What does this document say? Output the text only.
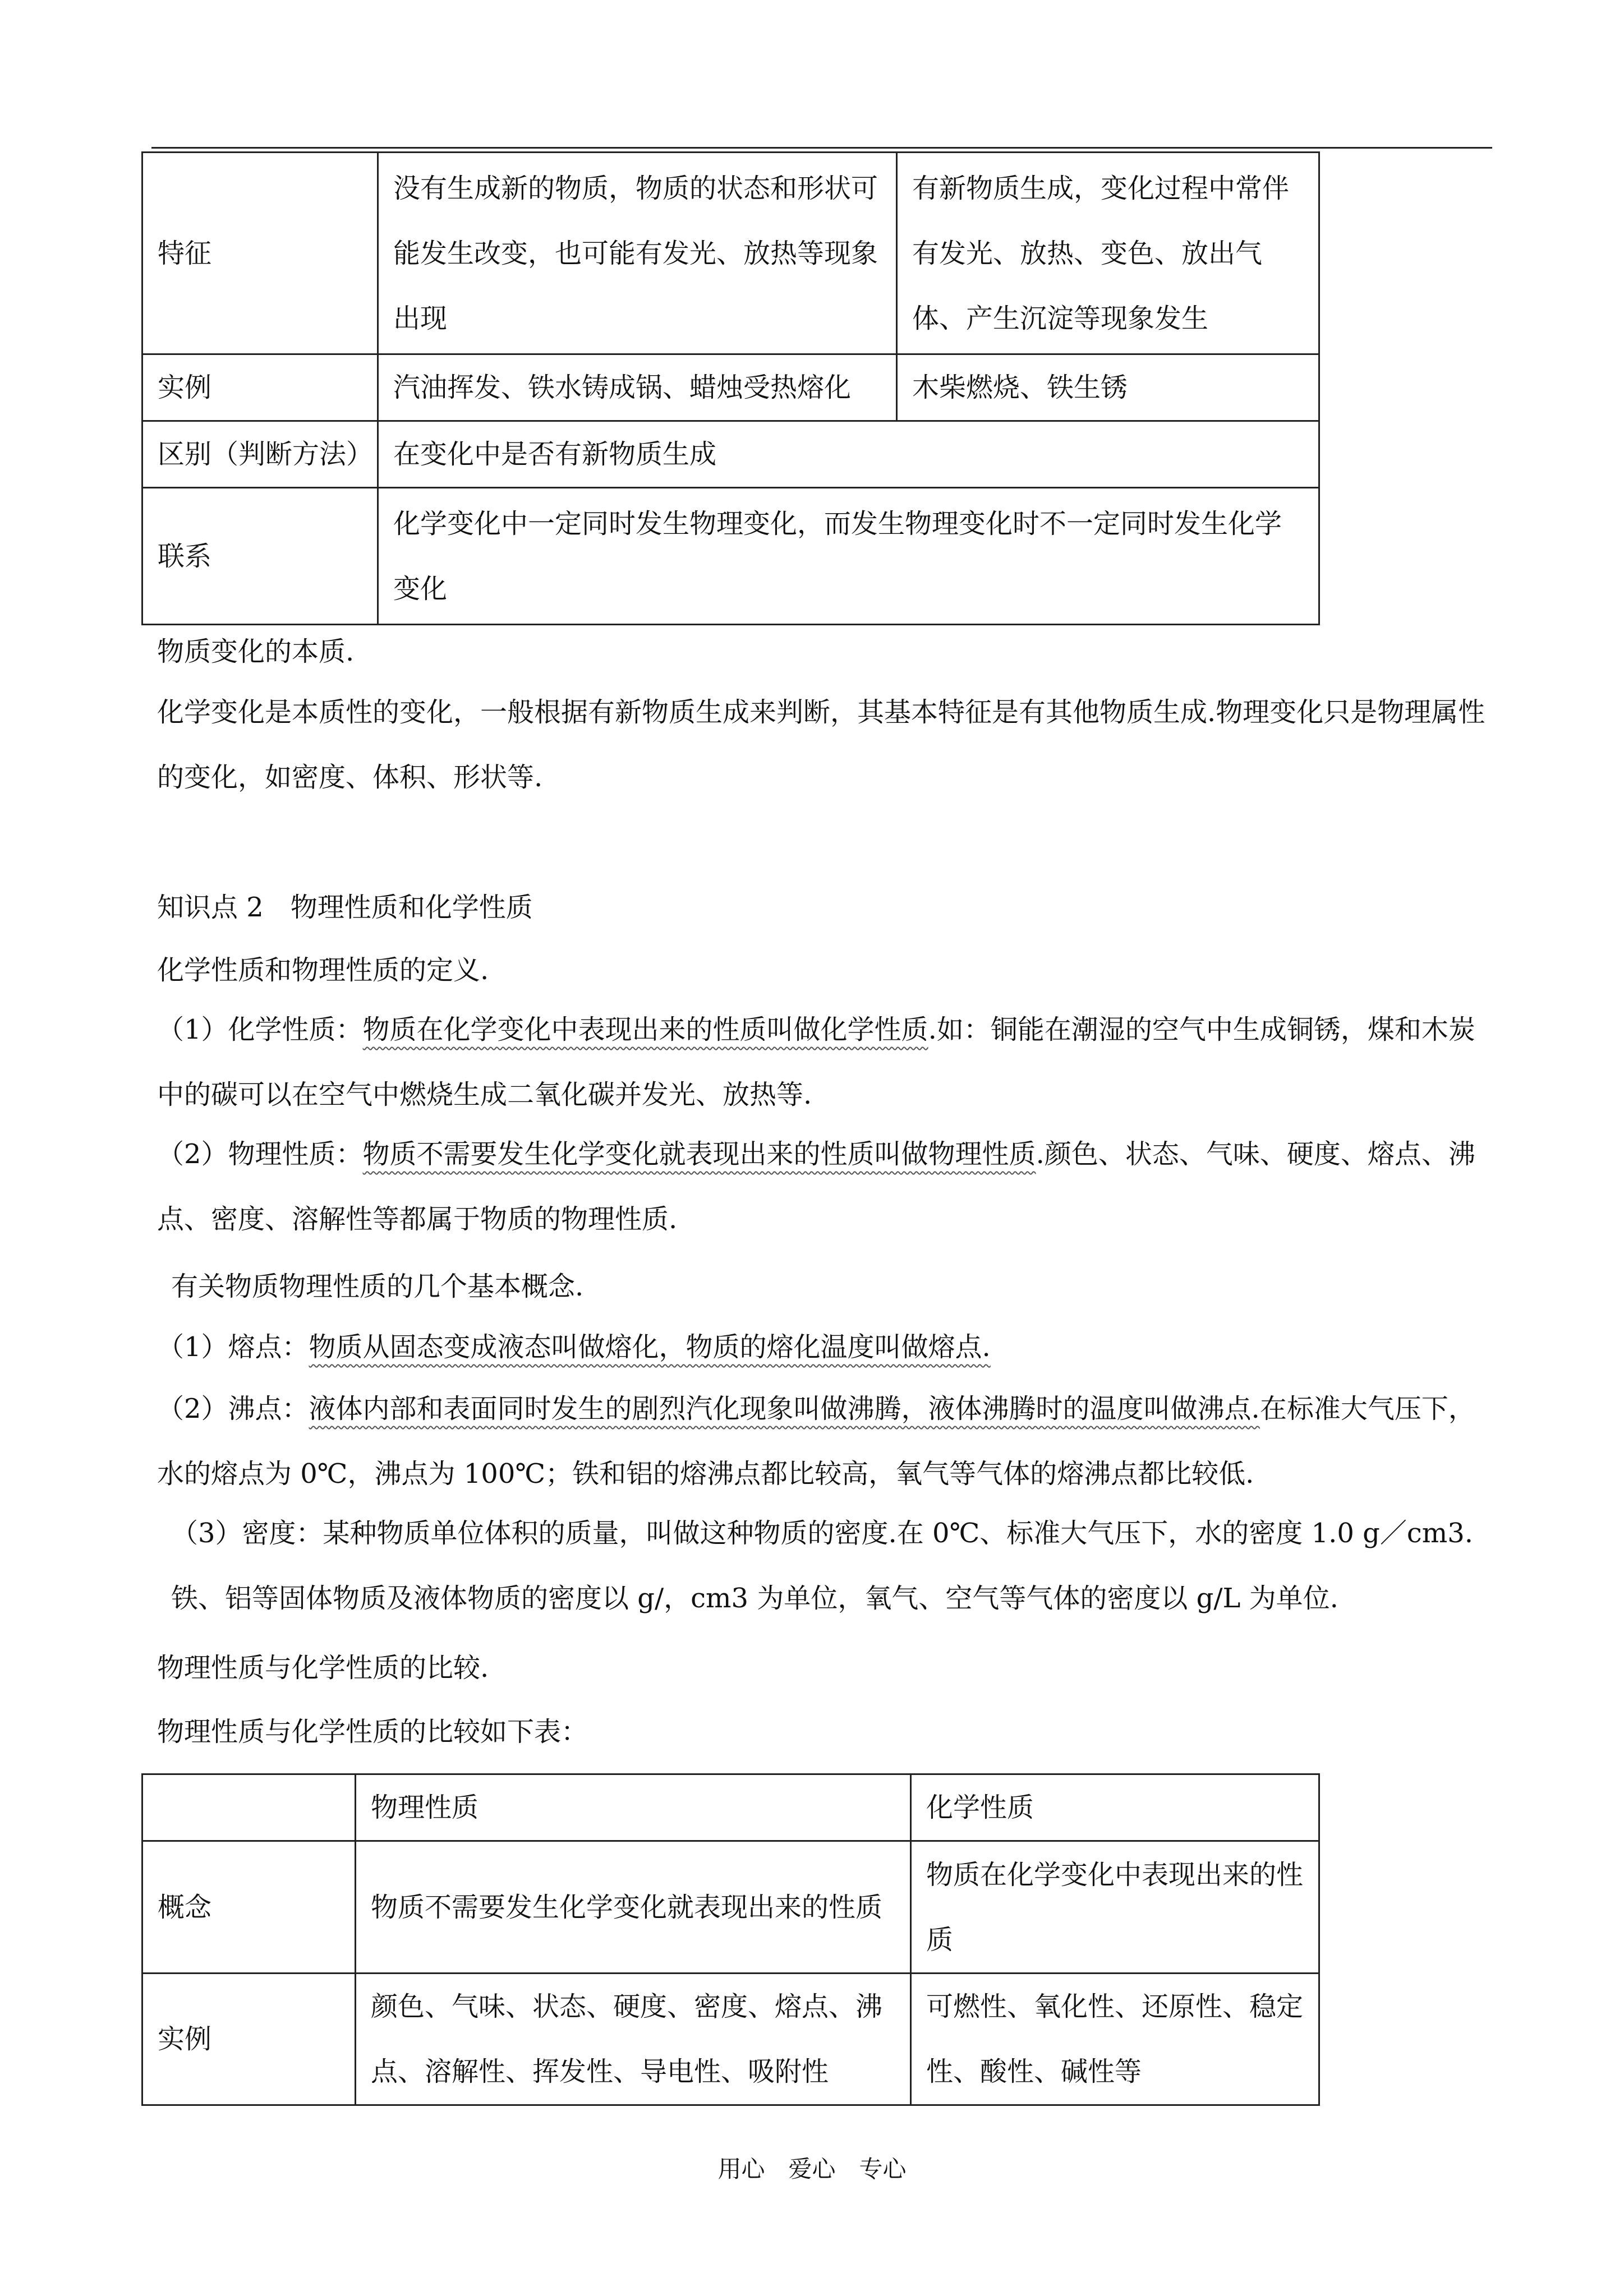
特征	没有生成新的物质，物质的状态和形状可能发生改变，也可能有发光、放热等现象出现	有新物质生成，变化过程中常伴有发光、放热、变色、放出气体、产生沉淀等现象发生
实例	汽油挥发、铁水铸成锅、蜡烛受热熔化	木柴燃烧、铁生锈
区别（判断方法）	在变化中是否有新物质生成	
联系	化学变化中一定同时发生物理变化，而发生物理变化时不一定同时发生化学变化	

物质变化的本质.

化学变化是本质性的变化，一般根据有新物质生成来判断，其基本特征是有其他物质生成.物理变化只是物理属性的变化，如密度、体积、形状等.

知识点 2　物理性质和化学性质

化学性质和物理性质的定义.

（1）化学性质：物质在化学变化中表现出来的性质叫做化学性质.如：铜能在潮湿的空气中生成铜锈，煤和木炭中的碳可以在空气中燃烧生成二氧化碳并发光、放热等.

（2）物理性质：物质不需要发生化学变化就表现出来的性质叫做物理性质.颜色、状态、气味、硬度、熔点、沸点、密度、溶解性等都属于物质的物理性质.

有关物质物理性质的几个基本概念.

（1）熔点：物质从固态变成液态叫做熔化，物质的熔化温度叫做熔点.

（2）沸点：液体内部和表面同时发生的剧烈汽化现象叫做沸腾，液体沸腾时的温度叫做沸点.在标准大气压下，水的熔点为 0℃，沸点为 100℃；铁和铝的熔沸点都比较高，氧气等气体的熔沸点都比较低.

（3）密度：某种物质单位体积的质量，叫做这种物质的密度.在 0℃、标准大气压下，水的密度 1.0 g／cm3.铁、铝等固体物质及液体物质的密度以 g/，cm3 为单位，氧气、空气等气体的密度以 g/L 为单位.

物理性质与化学性质的比较.

物理性质与化学性质的比较如下表：

	物理性质	化学性质
概念	物质不需要发生化学变化就表现出来的性质	物质在化学变化中表现出来的性质
实例	颜色、气味、状态、硬度、密度、熔点、沸点、溶解性、挥发性、导电性、吸附性	可燃性、氧化性、还原性、稳定性、酸性、碱性等
用心　爱心　专心
